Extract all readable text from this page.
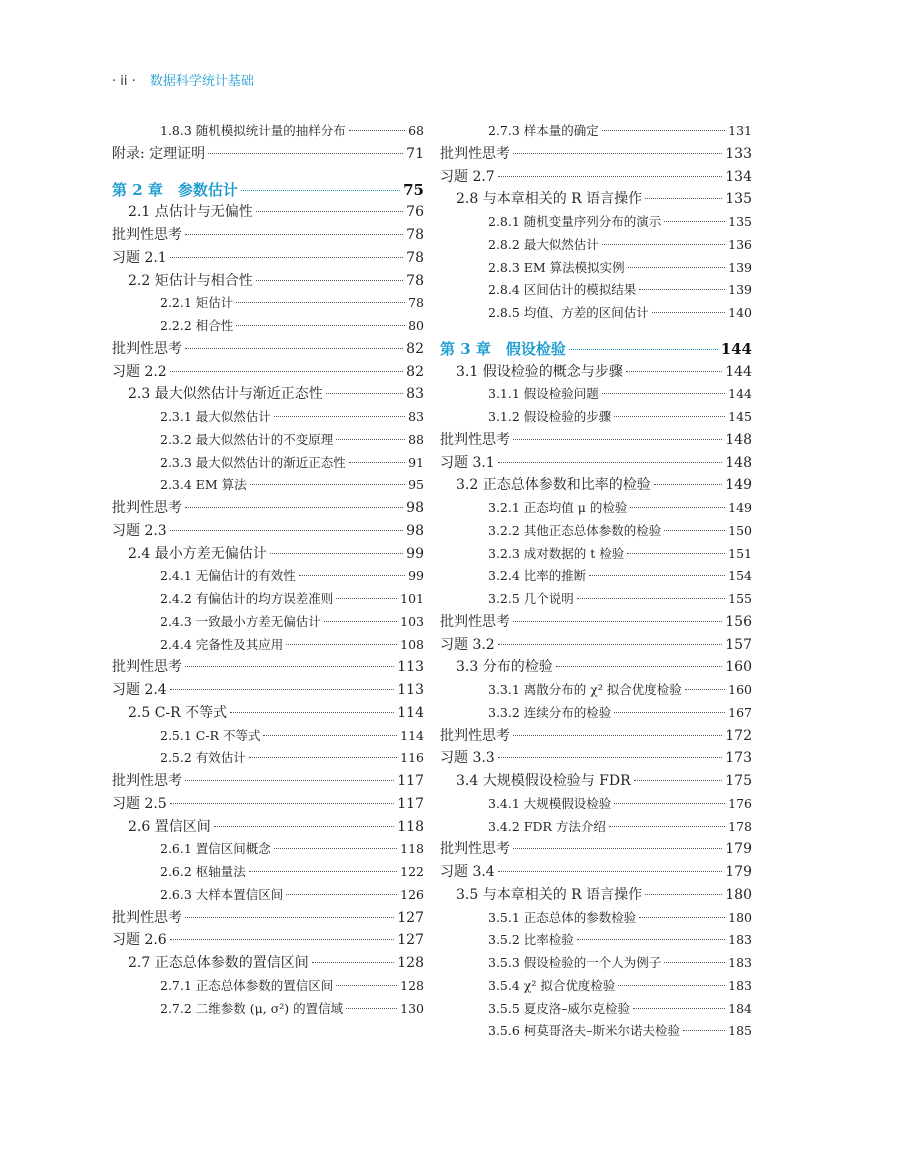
· ii · 数据科学统计基础
1.8.3 随机模拟统计量的抽样分布	68
附录: 定理证明	71
第 2 章　参数估计	75
2.1 点估计与无偏性	76
批判性思考	78
习题 2.1	78
2.2 矩估计与相合性	78
2.2.1 矩估计	78
2.2.2 相合性	80
批判性思考	82
习题 2.2	82
2.3 最大似然估计与渐近正态性	83
2.3.1 最大似然估计	83
2.3.2 最大似然估计的不变原理	88
2.3.3 最大似然估计的渐近正态性	91
2.3.4 EM 算法	95
批判性思考	98
习题 2.3	98
2.4 最小方差无偏估计	99
2.4.1 无偏估计的有效性	99
2.4.2 有偏估计的均方误差准则	101
2.4.3 一致最小方差无偏估计	103
2.4.4 完备性及其应用	108
批判性思考	113
习题 2.4	113
2.5 C-R 不等式	114
2.5.1 C-R 不等式	114
2.5.2 有效估计	116
批判性思考	117
习题 2.5	117
2.6 置信区间	118
2.6.1 置信区间概念	118
2.6.2 枢轴量法	122
2.6.3 大样本置信区间	126
批判性思考	127
习题 2.6	127
2.7 正态总体参数的置信区间	128
2.7.1 正态总体参数的置信区间	128
2.7.2 二维参数 (μ, σ²) 的置信域	130
2.7.3 样本量的确定	131
批判性思考	133
习题 2.7	134
2.8 与本章相关的 R 语言操作	135
2.8.1 随机变量序列分布的演示	135
2.8.2 最大似然估计	136
2.8.3 EM 算法模拟实例	139
2.8.4 区间估计的模拟结果	139
2.8.5 均值、方差的区间估计	140
第 3 章　假设检验	144
3.1 假设检验的概念与步骤	144
3.1.1 假设检验问题	144
3.1.2 假设检验的步骤	145
批判性思考	148
习题 3.1	148
3.2 正态总体参数和比率的检验	149
3.2.1 正态均值 μ 的检验	149
3.2.2 其他正态总体参数的检验	150
3.2.3 成对数据的 t 检验	151
3.2.4 比率的推断	154
3.2.5 几个说明	155
批判性思考	156
习题 3.2	157
3.3 分布的检验	160
3.3.1 离散分布的 χ² 拟合优度检验	160
3.3.2 连续分布的检验	167
批判性思考	172
习题 3.3	173
3.4 大规模假设检验与 FDR	175
3.4.1 大规模假设检验	176
3.4.2 FDR 方法介绍	178
批判性思考	179
习题 3.4	179
3.5 与本章相关的 R 语言操作	180
3.5.1 正态总体的参数检验	180
3.5.2 比率检验	183
3.5.3 假设检验的一个人为例子	183
3.5.4 χ² 拟合优度检验	183
3.5.5 夏皮洛–威尔克检验	184
3.5.6 柯莫哥洛夫–斯米尔诺夫检验	185
